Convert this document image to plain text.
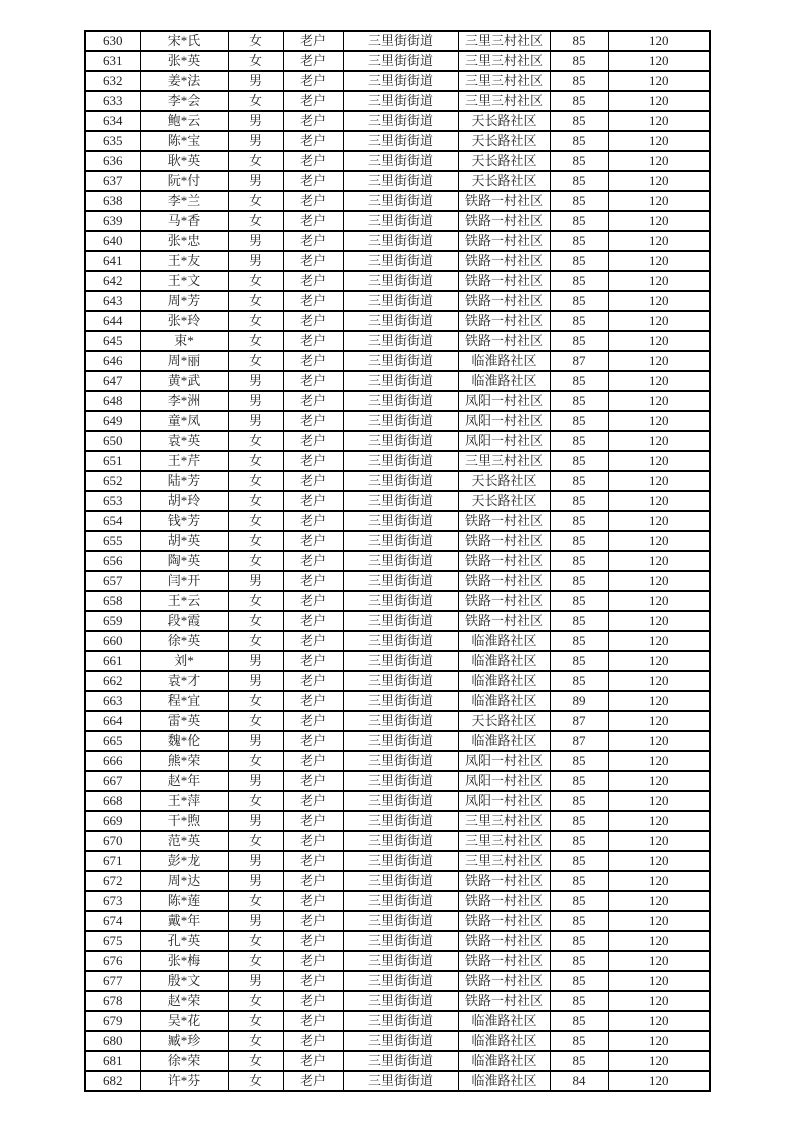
630	宋*氏	女	老户	三里街街道	三里三村社区	85	120
631	张*英	女	老户	三里街街道	三里三村社区	85	120
632	姜*法	男	老户	三里街街道	三里三村社区	85	120
633	李*会	女	老户	三里街街道	三里三村社区	85	120
634	鲍*云	男	老户	三里街街道	天长路社区	85	120
635	陈*宝	男	老户	三里街街道	天长路社区	85	120
636	耿*英	女	老户	三里街街道	天长路社区	85	120
637	阮*付	男	老户	三里街街道	天长路社区	85	120
638	李*兰	女	老户	三里街街道	铁路一村社区	85	120
639	马*香	女	老户	三里街街道	铁路一村社区	85	120
640	张*忠	男	老户	三里街街道	铁路一村社区	85	120
641	王*友	男	老户	三里街街道	铁路一村社区	85	120
642	王*文	女	老户	三里街街道	铁路一村社区	85	120
643	周*芳	女	老户	三里街街道	铁路一村社区	85	120
644	张*玲	女	老户	三里街街道	铁路一村社区	85	120
645	束*	女	老户	三里街街道	铁路一村社区	85	120
646	周*丽	女	老户	三里街街道	临淮路社区	87	120
647	黄*武	男	老户	三里街街道	临淮路社区	85	120
648	李*洲	男	老户	三里街街道	凤阳一村社区	85	120
649	童*凤	男	老户	三里街街道	凤阳一村社区	85	120
650	袁*英	女	老户	三里街街道	凤阳一村社区	85	120
651	王*芹	女	老户	三里街街道	三里三村社区	85	120
652	陆*芳	女	老户	三里街街道	天长路社区	85	120
653	胡*玲	女	老户	三里街街道	天长路社区	85	120
654	钱*芳	女	老户	三里街街道	铁路一村社区	85	120
655	胡*英	女	老户	三里街街道	铁路一村社区	85	120
656	陶*英	女	老户	三里街街道	铁路一村社区	85	120
657	闫*开	男	老户	三里街街道	铁路一村社区	85	120
658	王*云	女	老户	三里街街道	铁路一村社区	85	120
659	段*霞	女	老户	三里街街道	铁路一村社区	85	120
660	徐*英	女	老户	三里街街道	临淮路社区	85	120
661	刘*	男	老户	三里街街道	临淮路社区	85	120
662	袁*才	男	老户	三里街街道	临淮路社区	85	120
663	程*宜	女	老户	三里街街道	临淮路社区	89	120
664	雷*英	女	老户	三里街街道	天长路社区	87	120
665	魏*伦	男	老户	三里街街道	临淮路社区	87	120
666	熊*荣	女	老户	三里街街道	凤阳一村社区	85	120
667	赵*年	男	老户	三里街街道	凤阳一村社区	85	120
668	王*萍	女	老户	三里街街道	凤阳一村社区	85	120
669	干*煦	男	老户	三里街街道	三里三村社区	85	120
670	范*英	女	老户	三里街街道	三里三村社区	85	120
671	彭*龙	男	老户	三里街街道	三里三村社区	85	120
672	周*达	男	老户	三里街街道	铁路一村社区	85	120
673	陈*莲	女	老户	三里街街道	铁路一村社区	85	120
674	戴*年	男	老户	三里街街道	铁路一村社区	85	120
675	孔*英	女	老户	三里街街道	铁路一村社区	85	120
676	张*梅	女	老户	三里街街道	铁路一村社区	85	120
677	殷*文	男	老户	三里街街道	铁路一村社区	85	120
678	赵*荣	女	老户	三里街街道	铁路一村社区	85	120
679	吴*花	女	老户	三里街街道	临淮路社区	85	120
680	臧*珍	女	老户	三里街街道	临淮路社区	85	120
681	徐*荣	女	老户	三里街街道	临淮路社区	85	120
682	许*芬	女	老户	三里街街道	临淮路社区	84	120
